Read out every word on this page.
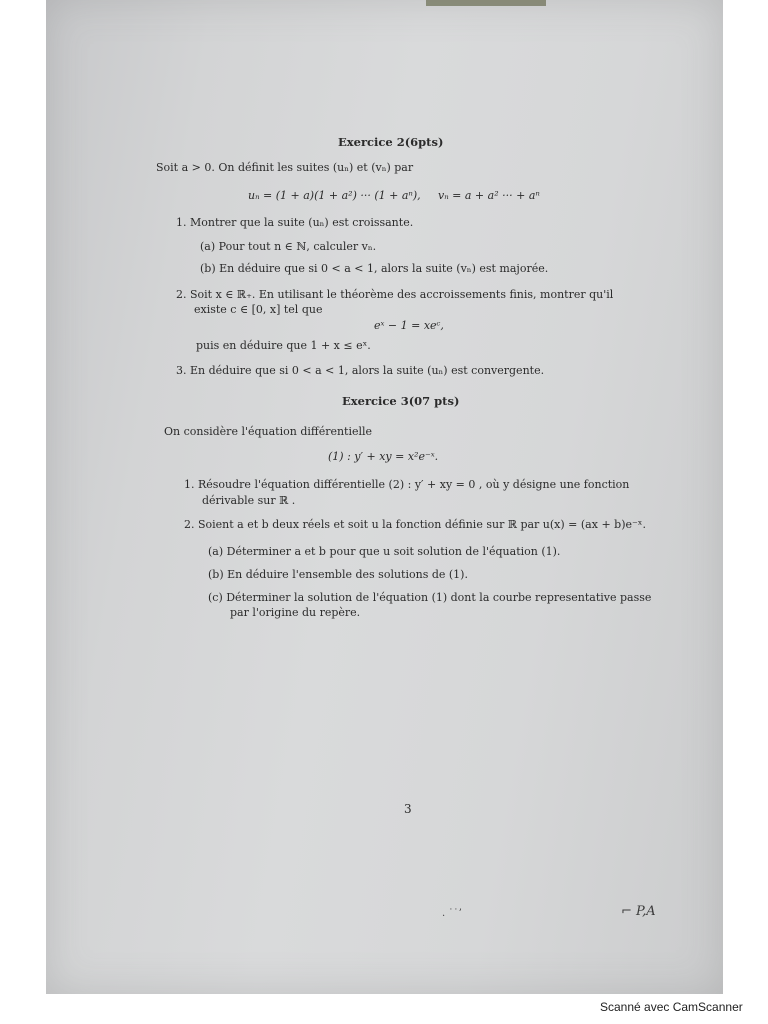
Exercice 2(6pts)
Soit a > 0. On définit les suites (uₙ) et (vₙ) par
uₙ = (1 + a)(1 + a²) ··· (1 + aⁿ), vₙ = a + a² ··· + aⁿ
1. Montrer que la suite (uₙ) est croissante.
(a) Pour tout n ∈ ℕ, calculer vₙ.
(b) En déduire que si 0 < a < 1, alors la suite (vₙ) est majorée.
2. Soit x ∈ ℝ₊. En utilisant le théorème des accroissements finis, montrer qu'il
existe c ∈ [0, x] tel que
eˣ − 1 = xeᶜ,
puis en déduire que 1 + x ≤ eˣ.
3. En déduire que si 0 < a < 1, alors la suite (uₙ) est convergente.
Exercice 3(07 pts)
On considère l'équation différentielle
(1) : y′ + xy = x²e⁻ˣ.
1. Résoudre l'équation différentielle (2) : y′ + xy = 0 , où y désigne une fonction
dérivable sur ℝ .
2. Soient a et b deux réels et soit u la fonction définie sur ℝ par u(x) = (ax + b)e⁻ˣ.
(a) Déterminer a et b pour que u soit solution de l'équation (1).
(b) En déduire l'ensemble des solutions de (1).
(c) Déterminer la solution de l'équation (1) dont la courbe representative passe
par l'origine du repère.
3
. ˙˙ʼ	⌐ P,A
Scanné avec CamScanner
